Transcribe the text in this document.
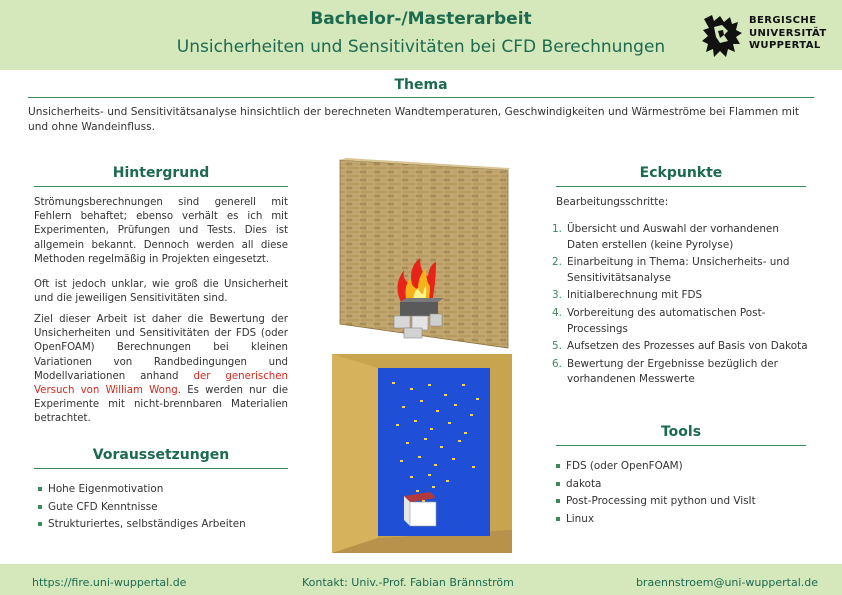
Bachelor-/Masterarbeit
Unsicherheiten und Sensitivitäten bei CFD Berechnungen
BERGISCHE
UNIVERSITÄT
WUPPERTAL
Thema
Unsicherheits- und Sensitivitätsanalyse hinsichtlich der berechneten Wandtemperaturen, Geschwindigkeiten und Wärmeströme bei Flammen mit und ohne Wandeinfluss.
Hintergrund
Strömungsberechnungen sind generell mit Fehlern behaftet; ebenso verhält es ich mit Experimenten, Prüfungen und Tests. Dies ist allgemein bekannt. Dennoch werden all diese Methoden regelmäßig in Projekten eingesetzt.
Oft ist jedoch unklar, wie groß die Unsicherheit und die jeweiligen Sensitivitäten sind.
Ziel dieser Arbeit ist daher die Bewertung der Unsicherheiten und Sensitivitäten der FDS (oder OpenFOAM) Berechnungen bei kleinen Variationen von Randbedingungen und Modellvariationen anhand der generischen Versuch von William Wong. Es werden nur die Experimente mit nicht-brennbaren Materialien betrachtet.
Voraussetzungen
Hohe Eigenmotivation
Gute CFD Kenntnisse
Strukturiertes, selbständiges Arbeiten
Eckpunkte
Bearbeitungsschritte:
1. Übersicht und Auswahl der vorhandenen Daten erstellen (keine Pyrolyse)
2. Einarbeitung in Thema: Unsicherheits- und Sensitivitätsanalyse
3. Initialberechnung mit FDS
4. Vorbereitung des automatischen Post-Processings
5. Aufsetzen des Prozesses auf Basis von Dakota
6. Bewertung der Ergebnisse bezüglich der vorhandenen Messwerte
Tools
FDS (oder OpenFOAM)
dakota
Post-Processing mit python und VisIt
Linux
https://fire.uni-wuppertal.de	Kontakt: Univ.-Prof. Fabian Brännström	braennstroem@uni-wuppertal.de
